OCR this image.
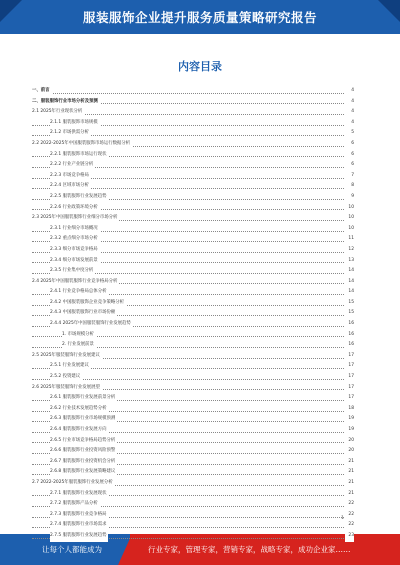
服装服饰企业提升服务质量策略研究报告
内容目录
一、前言	4
二、服装服饰行业市场分析及预测	4
2.1 2025年行业现状分析	4
2.1.1 服装服饰市场规模	4
2.1.2 市场供需分析	5
2.2 2022-2025年中国服装服饰市场运行数据分析	6
2.2.1 服装服饰市场运行现状	6
2.2.2 行业产业链分析	6
2.2.3 市场竞争格局	7
2.2.4 区域市场分析	8
2.2.5 服装服饰行业发展趋势	9
2.2.6 行业政策环境分析	10
2.3 2025年中国服装服饰行业细分市场分析	10
2.3.1 行业细分市场概况	10
2.3.2 重点细分市场分析	11
2.3.3 细分市场竞争格局	12
2.3.4 细分市场发展前景	13
2.3.5 行业集中度分析	14
2.4 2025年中国服装服饰行业竞争格局分析	14
2.4.1 行业竞争格局总体分析	14
2.4.2 中国服装服饰企业竞争策略分析	15
2.4.3 中国服装服饰行业市场份额	15
2.4.4 2025年中国服装服饰行业发展趋势	16
1. 市场规模分析	16
2. 行业发展前景	16
2.5 2025年服装服饰行业发展建议	17
2.5.1 行业发展建议	17
2.5.2 投资建议	17
2.6 2025年服装服饰行业发展展望	17
2.6.1 服装服饰行业发展前景分析	17
2.6.2 行业技术发展趋势分析	18
2.6.3 服装服饰行业市场规模预测	19
2.6.4 服装服饰行业发展方向	19
2.6.5 行业市场竞争格局趋势分析	20
2.6.6 服装服饰行业投资风险预警	20
2.6.7 服装服饰行业投资机会分析	21
2.6.8 服装服饰行业发展策略建议	21
2.7 2022-2025年服装服饰行业发展分析	21
2.7.1 服装服饰行业发展现状	21
2.7.2 服装服饰产品分析	22
2.7.3 服装服饰行业竞争格局	22
2.7.4 服装服饰行业市场需求	22
2.7.5 服装服饰行业发展趋势	23
1
让每个人都能成为	行业专家，管理专家，营销专家，战略专家，成功企业家……
